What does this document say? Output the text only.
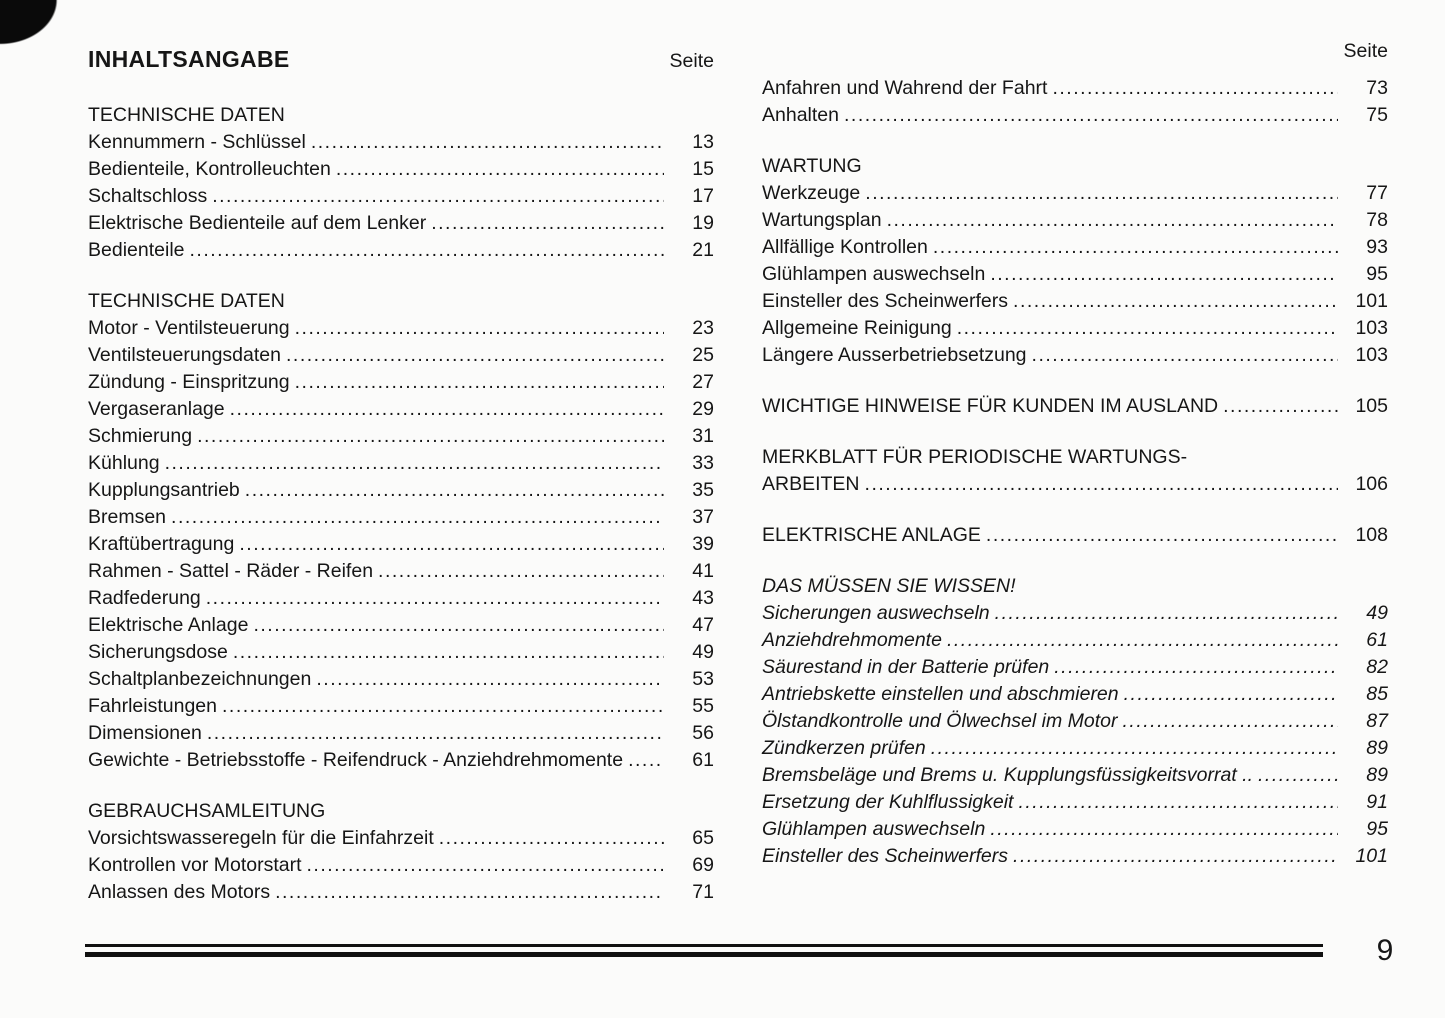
INHALTSANGABE	Seite
TECHNISCHE DATEN
Kennummern - Schlüssel .....	13
Bedienteile, Kontrolleuchten .....	15
Schaltschloss .....	17
Elektrische Bedienteile auf dem Lenker .....	19
Bedienteile .....	21
TECHNISCHE DATEN
Motor - Ventilsteuerung .....	23
Ventilsteuerungsdaten .....	25
Zündung - Einspritzung .....	27
Vergaseranlage .....	29
Schmierung .....	31
Kühlung .....	33
Kupplungsantrieb .....	35
Bremsen .....	37
Kraftübertragung .....	39
Rahmen - Sattel - Räder - Reifen .....	41
Radfederung .....	43
Elektrische Anlage .....	47
Sicherungsdose .....	49
Schaltplanbezeichnungen .....	53
Fahrleistungen .....	55
Dimensionen .....	56
Gewichte - Betriebsstoffe - Reifendruck - Anziehdrehmomente .....	61
GEBRAUCHSAMLEITUNG
Vorsichtswasseregeln für die Einfahrzeit .....	65
Kontrollen vor Motorstart .....	69
Anlassen des Motors .....	71
Seite
Anfahren und Wahrend der Fahrt .....	73
Anhalten .....	75
WARTUNG
Werkzeuge .....	77
Wartungsplan .....	78
Allfällige Kontrollen .....	93
Glühlampen auswechseln .....	95
Einsteller des Scheinwerfers .....	101
Allgemeine Reinigung .....	103
Längere Ausserbetriebsetzung .....	103
WICHTIGE HINWEISE FÜR KUNDEN IM AUSLAND .....	105
MERKBLATT FÜR PERIODISCHE WARTUNGS-
ARBEITEN .....	106
ELEKTRISCHE ANLAGE .....	108
DAS MÜSSEN SIE WISSEN!
Sicherungen auswechseln .....	49
Anziehdrehmomente .....	61
Säurestand in der Batterie prüfen .....	82
Antriebskette einstellen und abschmieren .....	85
Ölstandkontrolle und Ölwechsel im Motor .....	87
Zündkerzen prüfen .....	89
Bremsbeläge und Brems u. Kupplungsfüssigkeitsvorrat .. .....	89
Ersetzung der Kuhlflussigkeit .....	91
Glühlampen auswechseln .....	95
Einsteller des Scheinwerfers .....	101
9
